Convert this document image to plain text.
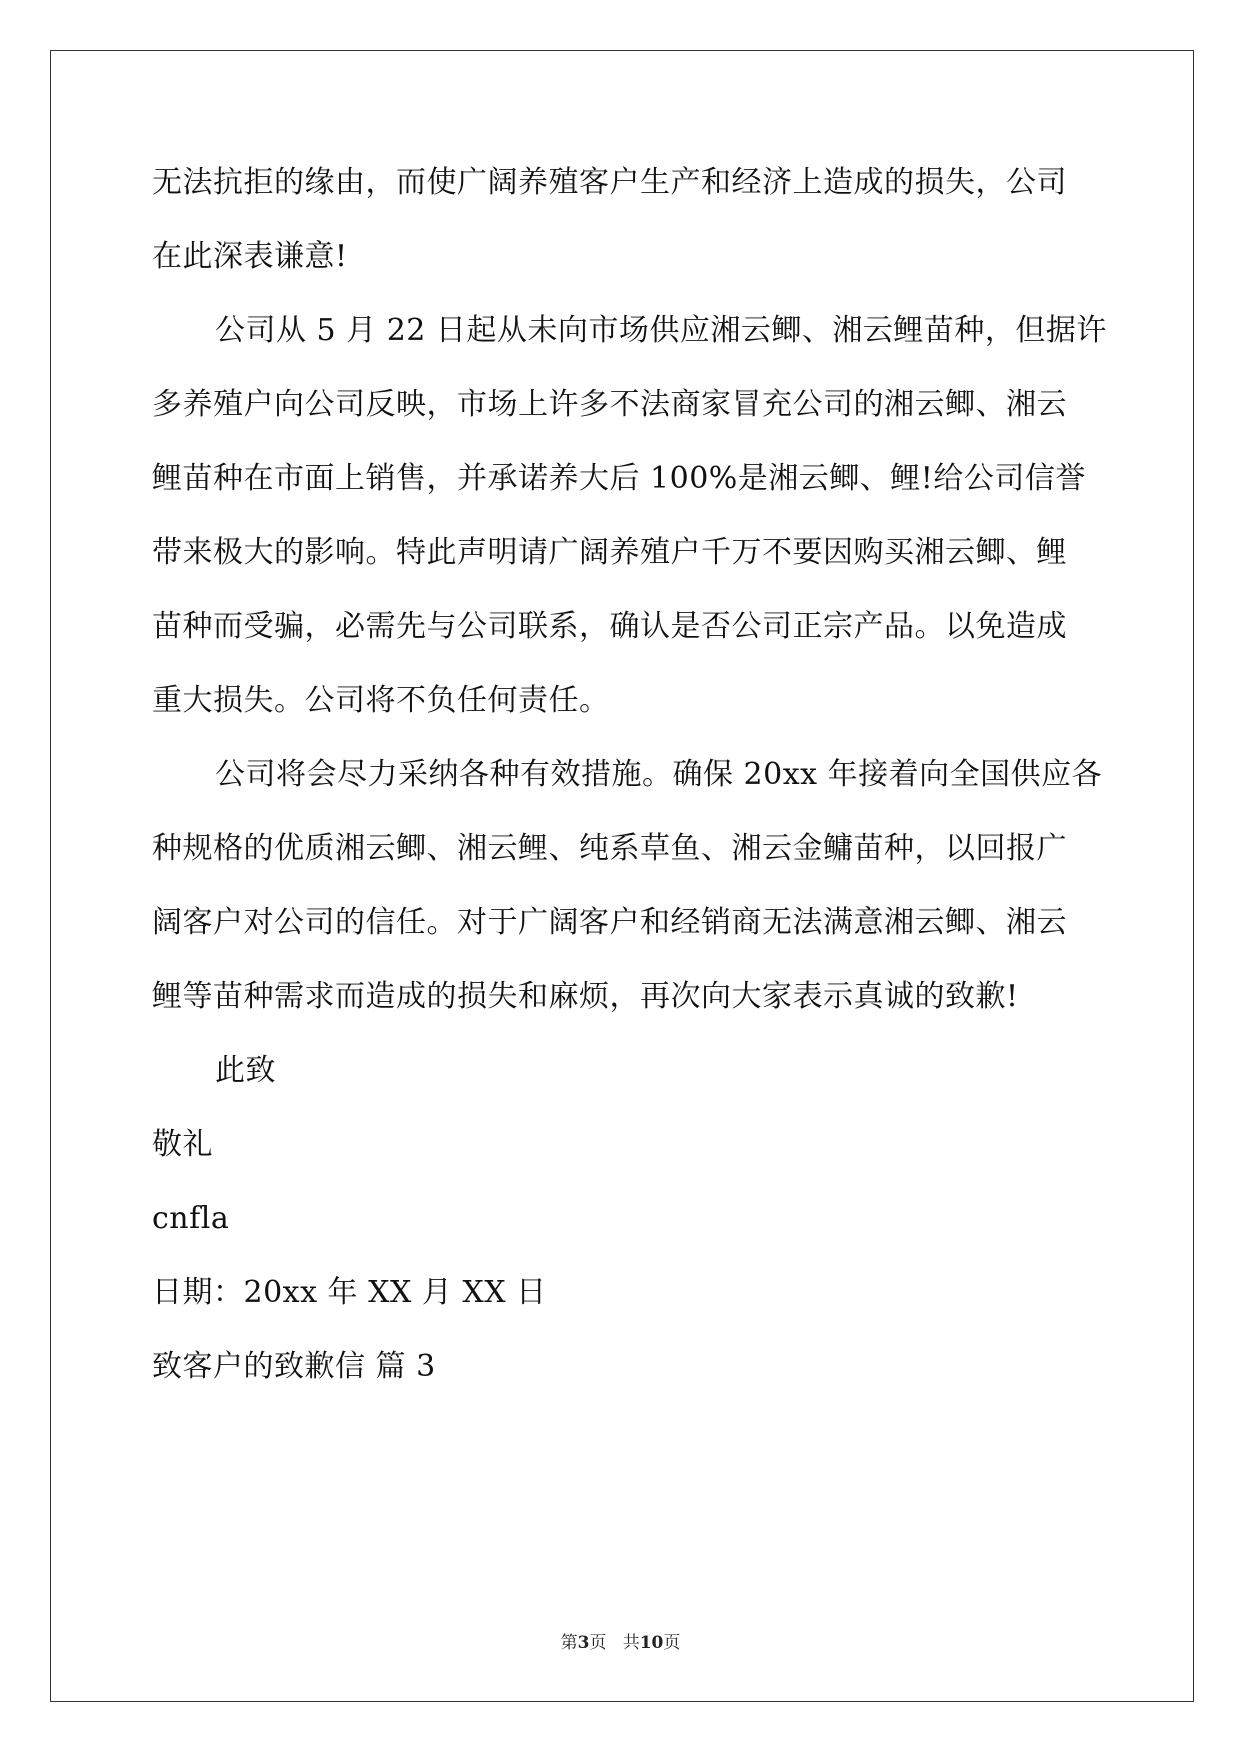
无法抗拒的缘由，而使广阔养殖客户生产和经济上造成的损失，公司
在此深表谦意!
公司从 5 月 22 日起从未向市场供应湘云鲫、湘云鲤苗种，但据许
多养殖户向公司反映，市场上许多不法商家冒充公司的湘云鲫、湘云
鲤苗种在市面上销售，并承诺养大后 100%是湘云鲫、鲤!给公司信誉
带来极大的影响。特此声明请广阔养殖户千万不要因购买湘云鲫、鲤
苗种而受骗，必需先与公司联系，确认是否公司正宗产品。以免造成
重大损失。公司将不负任何责任。
公司将会尽力采纳各种有效措施。确保 20xx 年接着向全国供应各
种规格的优质湘云鲫、湘云鲤、纯系草鱼、湘云金鳙苗种，以回报广
阔客户对公司的信任。对于广阔客户和经销商无法满意湘云鲫、湘云
鲤等苗种需求而造成的损失和麻烦，再次向大家表示真诚的致歉!
此致
敬礼
cnfla
日期：20xx 年 XX 月 XX 日
致客户的致歉信 篇 3
第3页 共10页
